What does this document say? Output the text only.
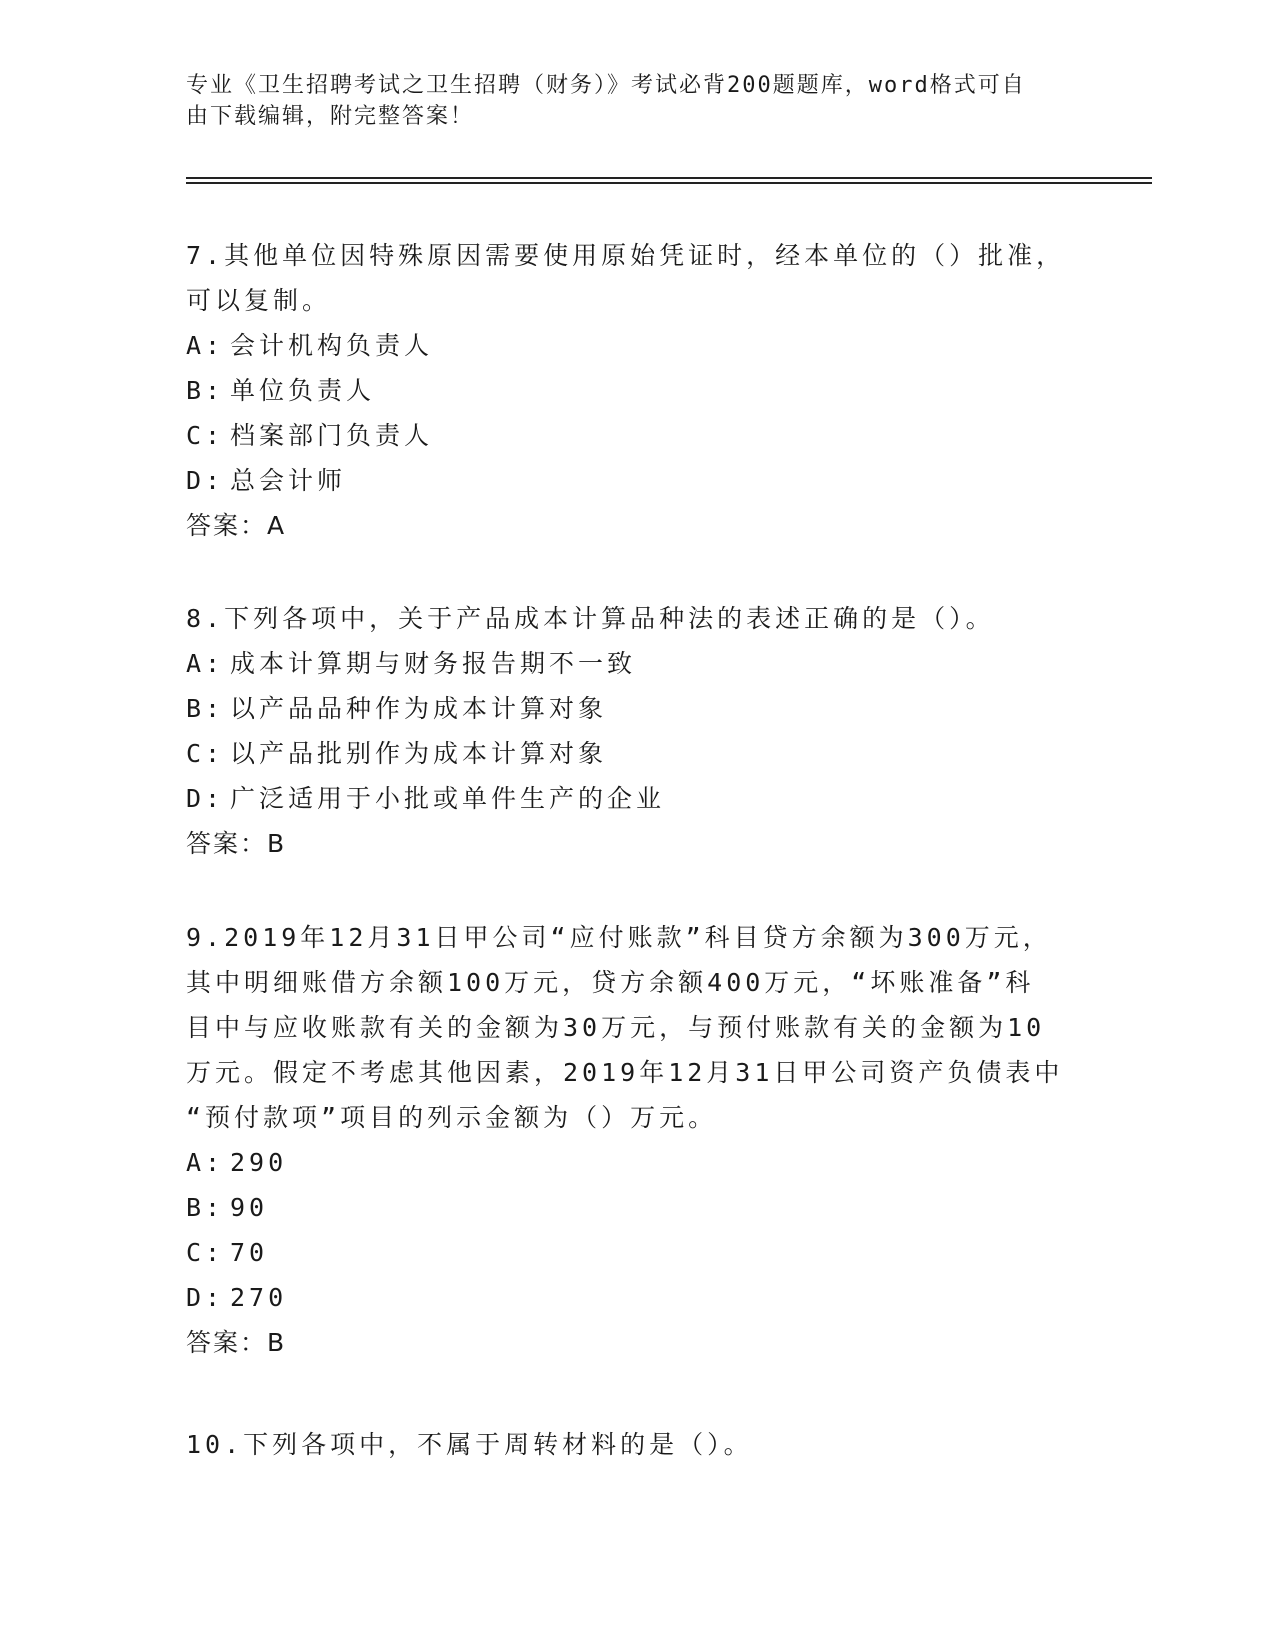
专业《卫生招聘考试之卫生招聘（财务）》考试必背200题题库，word格式可自
由下载编辑，附完整答案！

7.其他单位因特殊原因需要使用原始凭证时，经本单位的（）批准，

可以复制。

A: 会计机构负责人

B: 单位负责人

C: 档案部门负责人

D: 总会计师

答案：A

8.下列各项中，关于产品成本计算品种法的表述正确的是（）。

A: 成本计算期与财务报告期不一致

B: 以产品品种作为成本计算对象

C: 以产品批别作为成本计算对象

D: 广泛适用于小批或单件生产的企业

答案：B

9.2019年12月31日甲公司“应付账款”科目贷方余额为300万元，

其中明细账借方余额100万元，贷方余额400万元，“坏账准备”科

目中与应收账款有关的金额为30万元，与预付账款有关的金额为10

万元。假定不考虑其他因素，2019年12月31日甲公司资产负债表中

“预付款项”项目的列示金额为（）万元。

A: 290

B: 90

C: 70

D: 270

答案：B

10.下列各项中，不属于周转材料的是（）。
